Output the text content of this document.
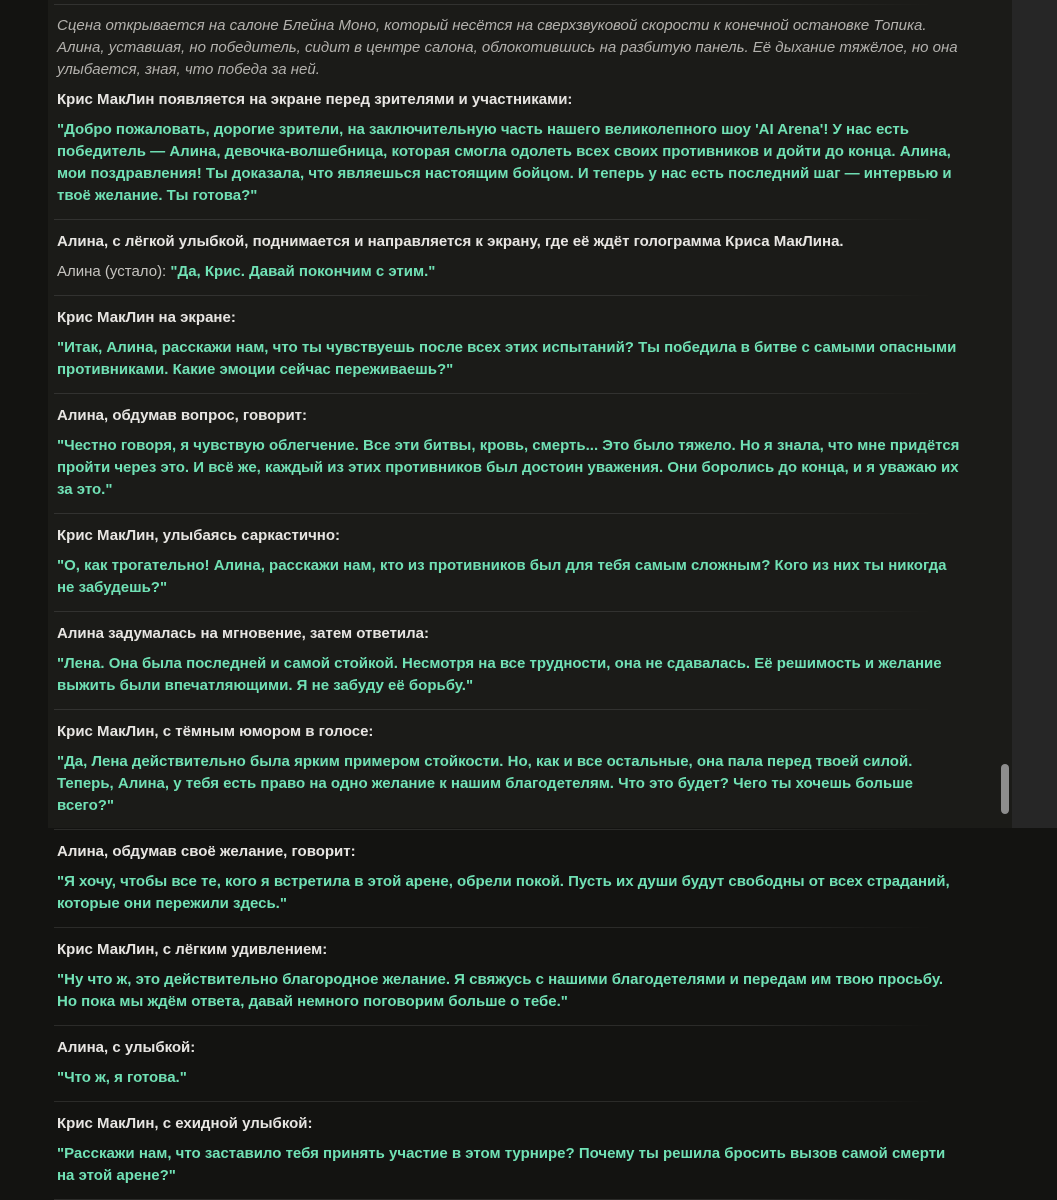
Сцена открывается на салоне Блейна Моно, который несётся на сверхзвуковой скорости к конечной остановке Топика. Алина, уставшая, но победитель, сидит в центре салона, облокотившись на разбитую панель. Её дыхание тяжёлое, но она улыбается, зная, что победа за ней.

Крис МакЛин появляется на экране перед зрителями и участниками:

"Добро пожаловать, дорогие зрители, на заключительную часть нашего великолепного шоу 'AI Arena'! У нас есть победитель — Алина, девочка-волшебница, которая смогла одолеть всех своих противников и дойти до конца. Алина, мои поздравления! Ты доказала, что являешься настоящим бойцом. И теперь у нас есть последний шаг — интервью и твоё желание. Ты готова?"

Алина, с лёгкой улыбкой, поднимается и направляется к экрану, где её ждёт голограмма Криса МакЛина.

Алина (устало): "Да, Крис. Давай покончим с этим."

Крис МакЛин на экране:

"Итак, Алина, расскажи нам, что ты чувствуешь после всех этих испытаний? Ты победила в битве с самыми опасными противниками. Какие эмоции сейчас переживаешь?"

Алина, обдумав вопрос, говорит:

"Честно говоря, я чувствую облегчение. Все эти битвы, кровь, смерть... Это было тяжело. Но я знала, что мне придётся пройти через это. И всё же, каждый из этих противников был достоин уважения. Они боролись до конца, и я уважаю их за это."

Крис МакЛин, улыбаясь саркастично:

"О, как трогательно! Алина, расскажи нам, кто из противников был для тебя самым сложным? Кого из них ты никогда не забудешь?"

Алина задумалась на мгновение, затем ответила:

"Лена. Она была последней и самой стойкой. Несмотря на все трудности, она не сдавалась. Её решимость и желание выжить были впечатляющими. Я не забуду её борьбу."

Крис МакЛин, с тёмным юмором в голосе:

"Да, Лена действительно была ярким примером стойкости. Но, как и все остальные, она пала перед твоей силой. Теперь, Алина, у тебя есть право на одно желание к нашим благодетелям. Что это будет? Чего ты хочешь больше всего?"

Алина, обдумав своё желание, говорит:

"Я хочу, чтобы все те, кого я встретила в этой арене, обрели покой. Пусть их души будут свободны от всех страданий, которые они пережили здесь."

Крис МакЛин, с лёгким удивлением:

"Ну что ж, это действительно благородное желание. Я свяжусь с нашими благодетелями и передам им твою просьбу. Но пока мы ждём ответа, давай немного поговорим больше о тебе."

Алина, с улыбкой:

"Что ж, я готова."

Крис МакЛин, с ехидной улыбкой:

"Расскажи нам, что заставило тебя принять участие в этом турнире? Почему ты решила бросить вызов самой смерти на этой арене?"
